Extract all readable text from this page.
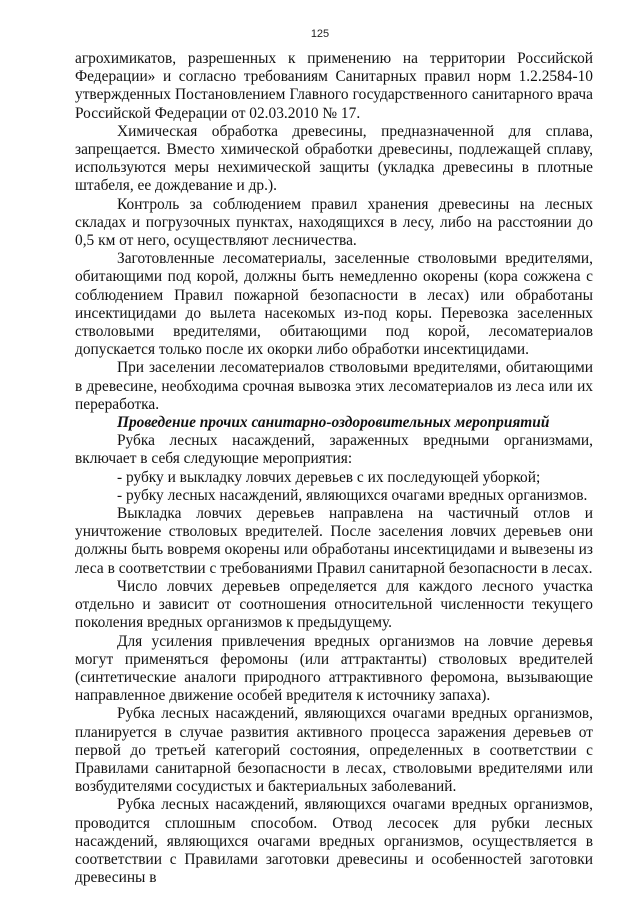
125

агрохимикатов, разрешенных к применению на территории Российской Федерации» и согласно требованиям Санитарных правил норм 1.2.2584-10 утвержденных Постановлением Главного государственного санитарного врача Российской Федерации от 02.03.2010 № 17.

Химическая обработка древесины, предназначенной для сплава, запрещается. Вместо химической обработки древесины, подлежащей сплаву, используются меры нехимической защиты (укладка древесины в плотные штабеля, ее дождевание и др.).

Контроль за соблюдением правил хранения древесины на лесных складах и погрузочных пунктах, находящихся в лесу, либо на расстоянии до 0,5 км от него, осуществляют лесничества.

Заготовленные лесоматериалы, заселенные стволовыми вредителями, обитающими под корой, должны быть немедленно окорены (кора сожжена с соблюдением Правил пожарной безопасности в лесах) или обработаны инсектицидами до вылета насекомых из-под коры. Перевозка заселенных стволовыми вредителями, обитающими под корой, лесоматериалов допускается только после их окорки либо обработки инсектицидами.

При заселении лесоматериалов стволовыми вредителями, обитающими в древесине, необходима срочная вывозка этих лесоматериалов из леса или их переработка.

Проведение прочих санитарно-оздоровительных мероприятий

Рубка лесных насаждений, зараженных вредными организмами, включает в себя следующие мероприятия:

- рубку и выкладку ловчих деревьев с их последующей уборкой;

- рубку лесных насаждений, являющихся очагами вредных организмов.

Выкладка ловчих деревьев направлена на частичный отлов и уничтожение стволовых вредителей. После заселения ловчих деревьев они должны быть вовремя окорены или обработаны инсектицидами и вывезены из леса в соответствии с требованиями Правил санитарной безопасности в лесах.

Число ловчих деревьев определяется для каждого лесного участка отдельно и зависит от соотношения относительной численности текущего поколения вредных организмов к предыдущему.

Для усиления привлечения вредных организмов на ловчие деревья могут применяться феромоны (или аттрактанты) стволовых вредителей (синтетические аналоги природного аттрактивного феромона, вызывающие направленное движение особей вредителя к источнику запаха).

Рубка лесных насаждений, являющихся очагами вредных организмов, планируется в случае развития активного процесса заражения деревьев от первой до третьей категорий состояния, определенных в соответствии с Правилами санитарной безопасности в лесах, стволовыми вредителями или возбудителями сосудистых и бактериальных заболеваний.

Рубка лесных насаждений, являющихся очагами вредных организмов, проводится сплошным способом. Отвод лесосек для рубки лесных насаждений, являющихся очагами вредных организмов, осуществляется в соответствии с Правилами заготовки древесины и особенностей заготовки древесины в
